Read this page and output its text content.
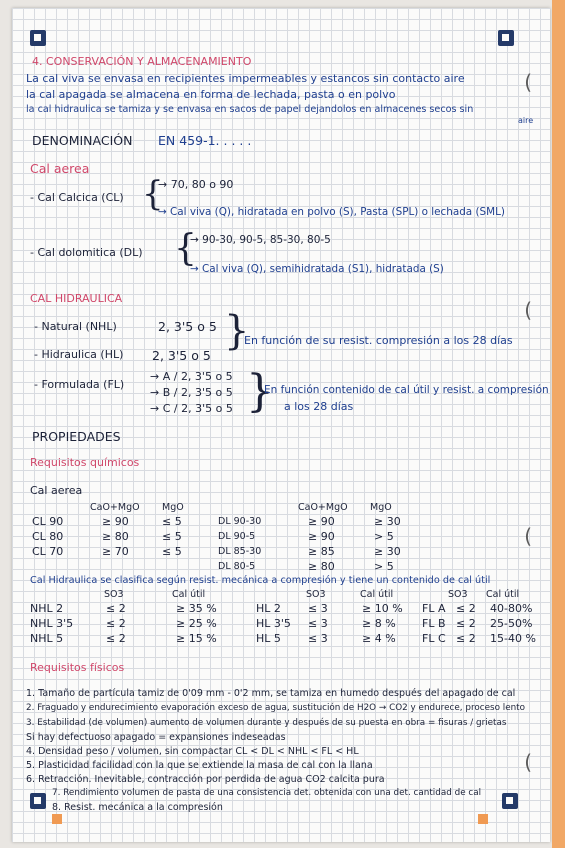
(
(
(
(
4. CONSERVACIÓN Y ALMACENAMIENTO
La cal viva se envasa en recipientes impermeables y estancos sin contacto aire
la cal apagada se almacena en forma de lechada, pasta o en polvo
la cal hidraulica se tamiza y se envasa en sacos de papel dejandolos en almacenes secos sin
aire
DENOMINACIÓN EN 459-1. . . . .
Cal aerea
- Cal Calcica (CL) {
→ 70, 80 o 90
→ Cal viva (Q), hidratada en polvo (S), Pasta (SPL) o lechada (SML)
- Cal dolomitica (DL) {
→ 90-30, 90-5, 85-30, 80-5
→ Cal viva (Q), semihidratada (S1), hidratada (S)
CAL HIDRAULICA
- Natural (NHL)	2, 3'5 o 5
- Hidraulica (HL) 2, 3'5 o 5
}
En función de su resist. compresión a los 28 días
- Formulada (FL)
→ A / 2, 3'5 o 5
→ B / 2, 3'5 o 5
→ C / 2, 3'5 o 5 }
En función contenido de cal útil y resist. a compresión
a los 28 días
PROPIEDADES
Requisitos químicos
Cal aerea
CaO+MgO MgO
CL 90	≥ 90	≤ 5
CL 80	≥ 80	≤ 5
CL 70	≥ 70	≤ 5
CaO+MgO MgO
DL 90-30	≥ 90	≥ 30
DL 90-5	≥ 90	> 5
DL 85-30	≥ 85	≥ 30
DL 80-5	≥ 80	> 5
Cal Hidraulica se clasifica según resist. mecánica a compresión y tiene un contenido de cal útil
SO3	Cal útil	SO3	Cal útil	SO3 Cal útil
NHL 2	≤ 2	≥ 35 %	HL 2 ≤ 3	≥ 10 % FL A ≤ 2 40-80%
NHL 3'5	≤ 2	≥ 25 %	HL 3'5 ≤ 3	≥ 8 % FL B ≤ 2 25-50%
NHL 5	≤ 2	≥ 15 %	HL 5 ≤ 3	≥ 4 % FL C ≤ 2 15-40 %
Requisitos físicos
1. Tamaño de partícula tamiz de 0'09 mm - 0'2 mm, se tamiza en humedo después del apagado de cal
2. Fraguado y endurecimiento evaporación exceso de agua, sustitución de H2O → CO2 y endurece, proceso lento
3. Estabilidad (de volumen) aumento de volumen durante y después de su puesta en obra = fisuras / grietas
Si hay defectuoso apagado = expansiones indeseadas
4. Densidad peso / volumen, sin compactar CL < DL < NHL < FL < HL
5. Plasticidad facilidad con la que se extiende la masa de cal con la llana
6. Retracción. Inevitable, contracción por perdida de agua CO2 calcita pura
7. Rendimiento volumen de pasta de una consistencia det. obtenida con una det. cantidad de cal
8. Resist. mecánica a la compresión
